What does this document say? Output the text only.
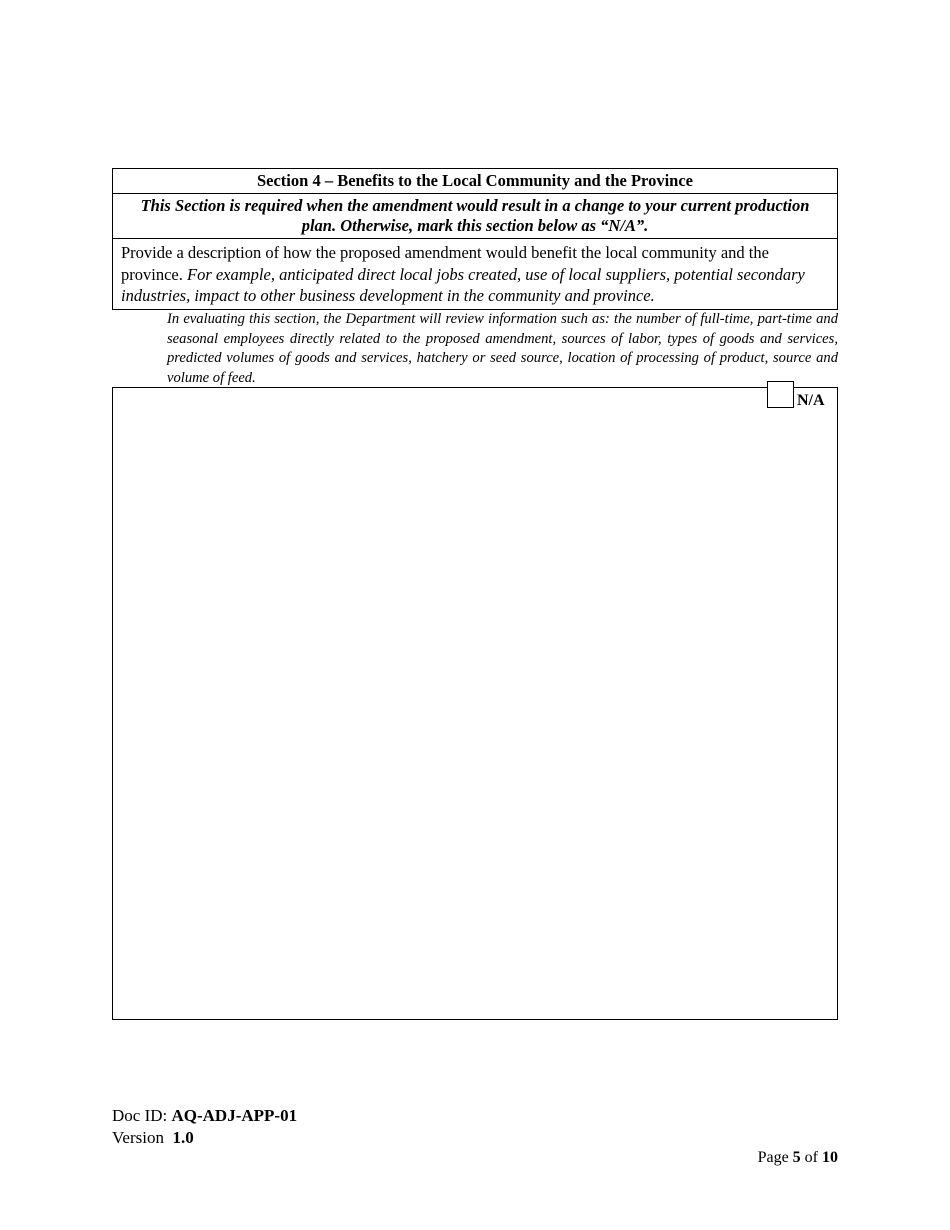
Section 4 – Benefits to the Local Community and the Province
This Section is required when the amendment would result in a change to your current production plan. Otherwise, mark this section below as “N/A”.
Provide a description of how the proposed amendment would benefit the local community and the province. For example, anticipated direct local jobs created, use of local suppliers, potential secondary industries, impact to other business development in the community and province.
In evaluating this section, the Department will review information such as: the number of full-time, part-time and seasonal employees directly related to the proposed amendment, sources of labor, types of goods and services, predicted volumes of goods and services, hatchery or seed source, location of processing of product, source and volume of feed.
N/A
Doc ID: AQ-ADJ-APP-01
Version 1.0
Page 5 of 10
